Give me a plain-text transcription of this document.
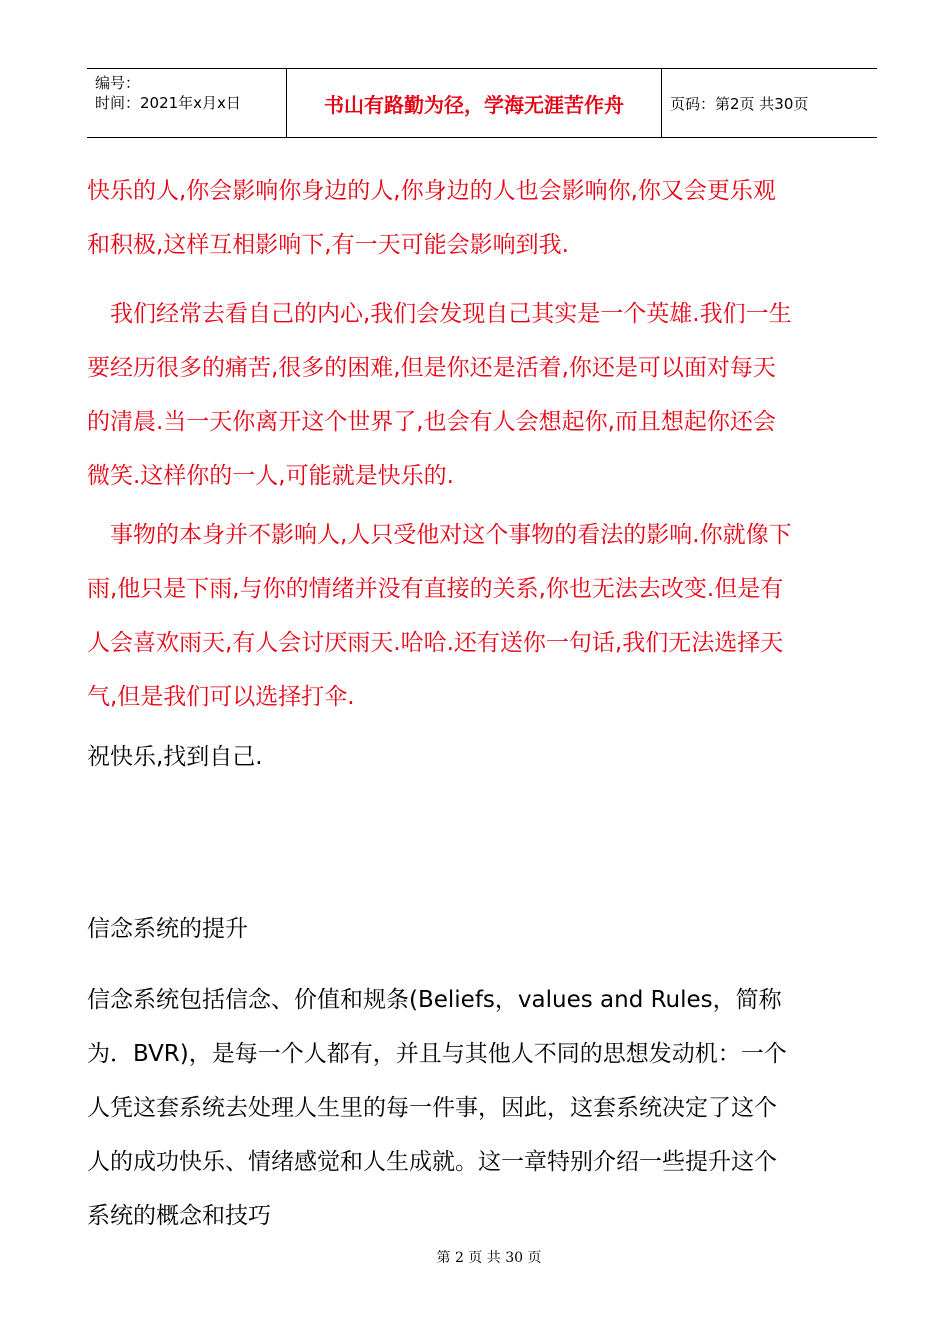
编号：
时间：2021年x月x日	书山有路勤为径，学海无涯苦作舟	页码：第2页 共30页
快乐的人,你会影响你身边的人,你身边的人也会影响你,你又会更乐观
和积极,这样互相影响下,有一天可能会影响到我.
　我们经常去看自己的内心,我们会发现自己其实是一个英雄.我们一生
要经历很多的痛苦,很多的困难,但是你还是活着,你还是可以面对每天
的清晨.当一天你离开这个世界了,也会有人会想起你,而且想起你还会
微笑.这样你的一人,可能就是快乐的.
　事物的本身并不影响人,人只受他对这个事物的看法的影响.你就像下
雨,他只是下雨,与你的情绪并没有直接的关系,你也无法去改变.但是有
人会喜欢雨天,有人会讨厌雨天.哈哈.还有送你一句话,我们无法选择天
气,但是我们可以选择打伞.
祝快乐,找到自己.
信念系统的提升
信念系统包括信念、价值和规条(Beliefs，values and Rules，简称
为．BVR)，是每一个人都有，并且与其他人不同的思想发动机：一个
人凭这套系统去处理人生里的每一件事，因此，这套系统决定了这个
人的成功快乐、情绪感觉和人生成就。这一章特别介绍一些提升这个
系统的概念和技巧
第 2 页 共 30 页
